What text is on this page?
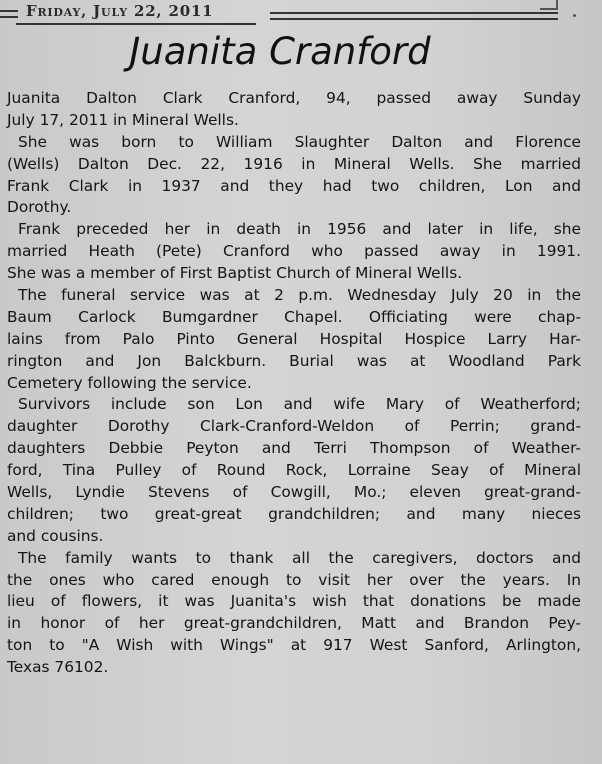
Friday, July 22, 2011
Juanita Cranford
Juanita Dalton Clark Cranford, 94, passed away Sunday
July 17, 2011 in Mineral Wells.
She was born to William Slaughter Dalton and Florence
(Wells) Dalton Dec. 22, 1916 in Mineral Wells. She married
Frank Clark in 1937 and they had two children, Lon and
Dorothy.
Frank preceded her in death in 1956 and later in life, she
married Heath (Pete) Cranford who passed away in 1991.
She was a member of First Baptist Church of Mineral Wells.
The funeral service was at 2 p.m. Wednesday July 20 in the
Baum Carlock Bumgardner Chapel. Officiating were chap-
lains from Palo Pinto General Hospital Hospice Larry Har-
rington and Jon Balckburn. Burial was at Woodland Park
Cemetery following the service.
Survivors include son Lon and wife Mary of Weatherford;
daughter Dorothy Clark-Cranford-Weldon of Perrin; grand-
daughters Debbie Peyton and Terri Thompson of Weather-
ford, Tina Pulley of Round Rock, Lorraine Seay of Mineral
Wells, Lyndie Stevens of Cowgill, Mo.; eleven great-grand-
children; two great-great grandchildren; and many nieces
and cousins.
The family wants to thank all the caregivers, doctors and
the ones who cared enough to visit her over the years. In
lieu of flowers, it was Juanita's wish that donations be made
in honor of her great-grandchildren, Matt and Brandon Pey-
ton to "A Wish with Wings" at 917 West Sanford, Arlington,
Texas 76102.
